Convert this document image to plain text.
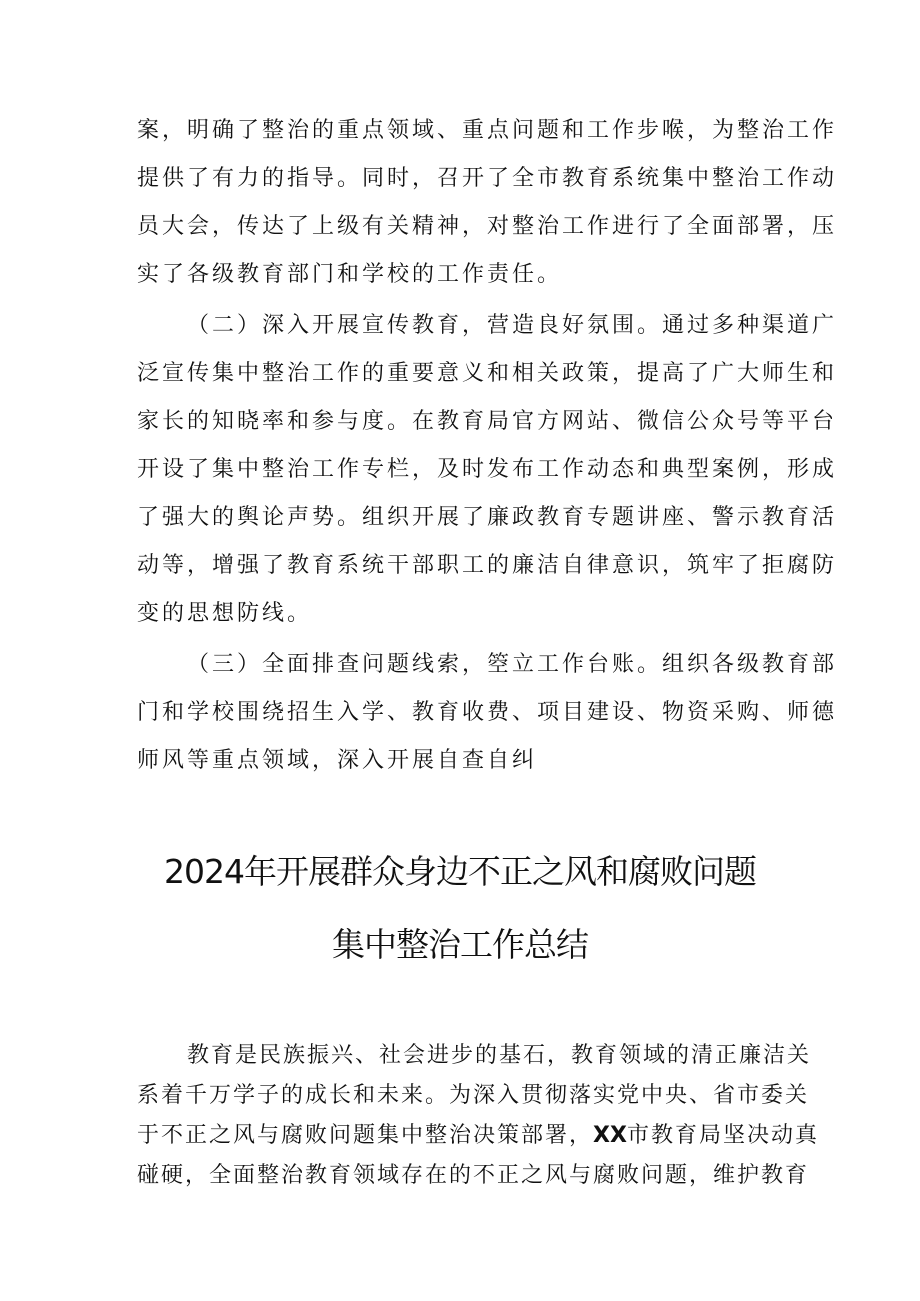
案，明确了整治的重点领域、重点问题和工作步喉，为整治工作
提供了有力的指导。同时，召开了全市教育系统集中整治工作动
员大会，传达了上级有关精神，对整治工作进行了全面部署，压
实了各级教育部门和学校的工作责任。
（二）深入开展宣传教育，营造良好氛围。通过多种渠道广
泛宣传集中整治工作的重要意义和相关政策，提高了广大师生和
家长的知晓率和参与度。在教育局官方网站、微信公众号等平台
开设了集中整治工作专栏，及时发布工作动态和典型案例，形成
了强大的舆论声势。组织开展了廉政教育专题讲座、警示教育活
动等，增强了教育系统干部职工的廉洁自律意识，筑牢了拒腐防
变的思想防线。
（三）全面排查问题线索，箜立工作台账。组织各级教育部
门和学校围绕招生入学、教育收费、项目建设、物资采购、师德
师风等重点领域，深入开展自查自纠
2024年开展群众身边不正之风和腐败问题
集中整治工作总结
教育是民族振兴、社会进步的基石，教育领域的清正廉洁关
系着千万学子的成长和未来。为深入贯彻落实党中央、省市委关
于不正之风与腐败问题集中整治决策部署，XX市教育局坚决动真
碰硬，全面整治教育领域存在的不正之风与腐败问题，维护教育
